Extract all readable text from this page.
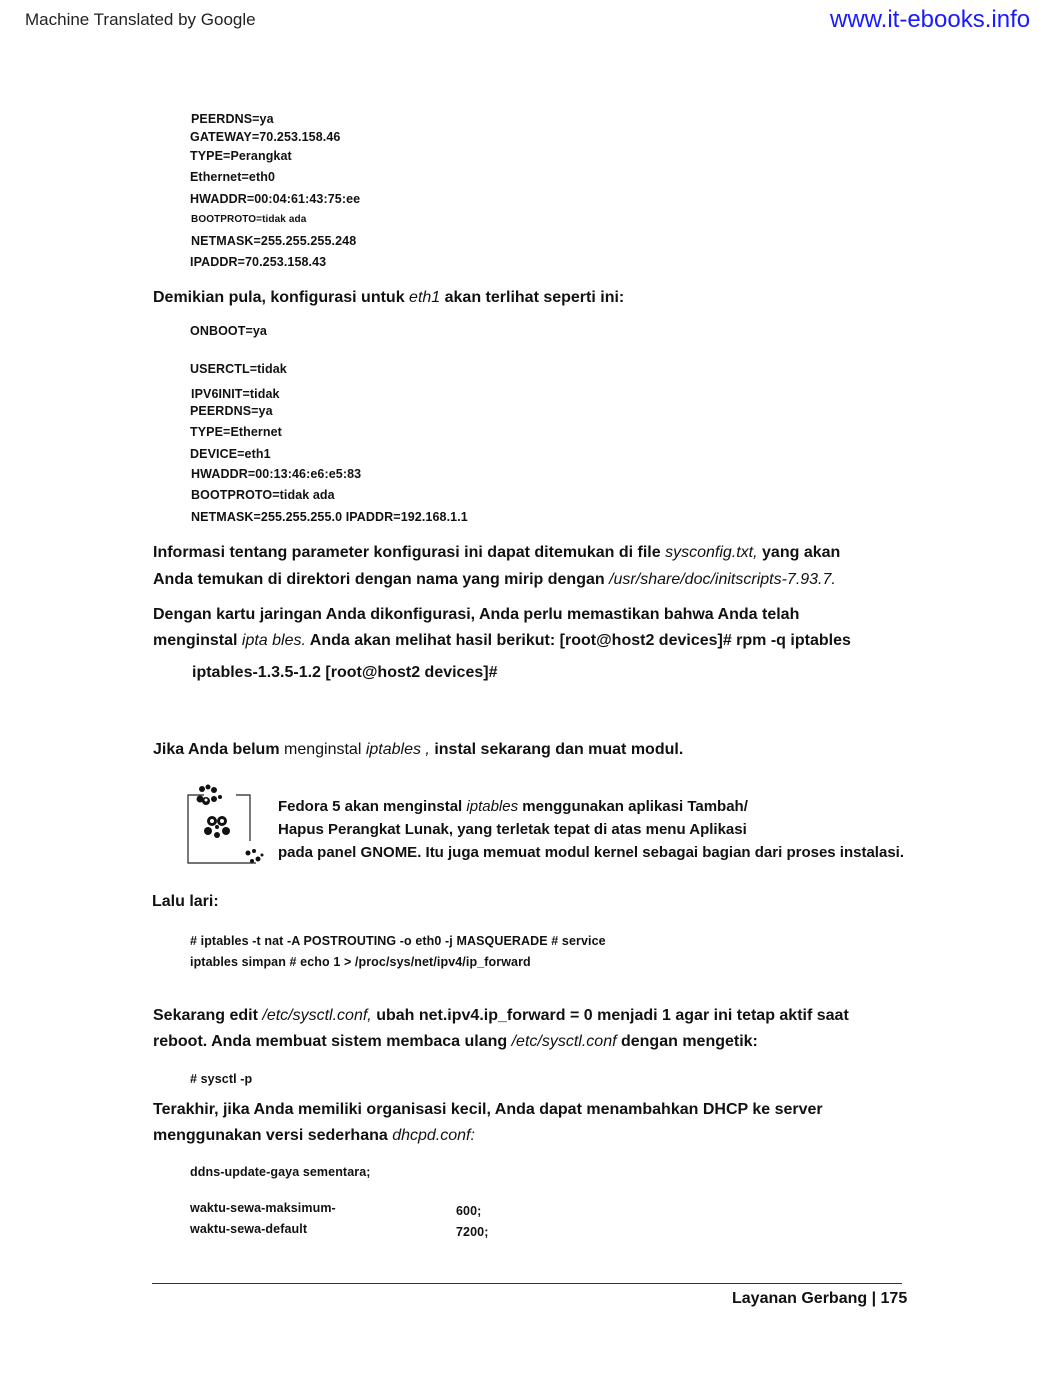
Machine Translated by Google	www.it-ebooks.info
PEERDNS=ya
GATEWAY=70.253.158.46
TYPE=Perangkat
Ethernet=eth0
HWADDR=00:04:61:43:75:ee
BOOTPROTO=tidak ada
NETMASK=255.255.255.248
IPADDR=70.253.158.43
Demikian pula, konfigurasi untuk eth1 akan terlihat seperti ini:
ONBOOT=ya
USERCTL=tidak
IPV6INIT=tidak
PEERDNS=ya
TYPE=Ethernet
DEVICE=eth1
HWADDR=00:13:46:e6:e5:83
BOOTPROTO=tidak ada
NETMASK=255.255.255.0 IPADDR=192.168.1.1
Informasi tentang parameter konfigurasi ini dapat ditemukan di file sysconfig.txt, yang akan
Anda temukan di direktori dengan nama yang mirip dengan /usr/share/doc/initscripts-7.93.7.
Dengan kartu jaringan Anda dikonfigurasi, Anda perlu memastikan bahwa Anda telah
menginstal ipta bles. Anda akan melihat hasil berikut: [root@host2 devices]# rpm -q iptables
iptables-1.3.5-1.2 [root@host2 devices]#
Jika Anda belum menginstal iptables , instal sekarang dan muat modul.
Fedora 5 akan menginstal iptables menggunakan aplikasi Tambah/
Hapus Perangkat Lunak, yang terletak tepat di atas menu Aplikasi
pada panel GNOME. Itu juga memuat modul kernel sebagai bagian dari proses instalasi.
Lalu lari:
# iptables -t nat -A POSTROUTING -o eth0 -j MASQUERADE # service
iptables simpan # echo 1 > /proc/sys/net/ipv4/ip_forward
Sekarang edit /etc/sysctl.conf, ubah net.ipv4.ip_forward = 0 menjadi 1 agar ini tetap aktif saat
reboot. Anda membuat sistem membaca ulang /etc/sysctl.conf dengan mengetik:
# sysctl -p
Terakhir, jika Anda memiliki organisasi kecil, Anda dapat menambahkan DHCP ke server
menggunakan versi sederhana dhcpd.conf:
ddns-update-gaya sementara;
waktu-sewa-maksimum-	600;
waktu-sewa-default	7200;
Layanan Gerbang | 175
